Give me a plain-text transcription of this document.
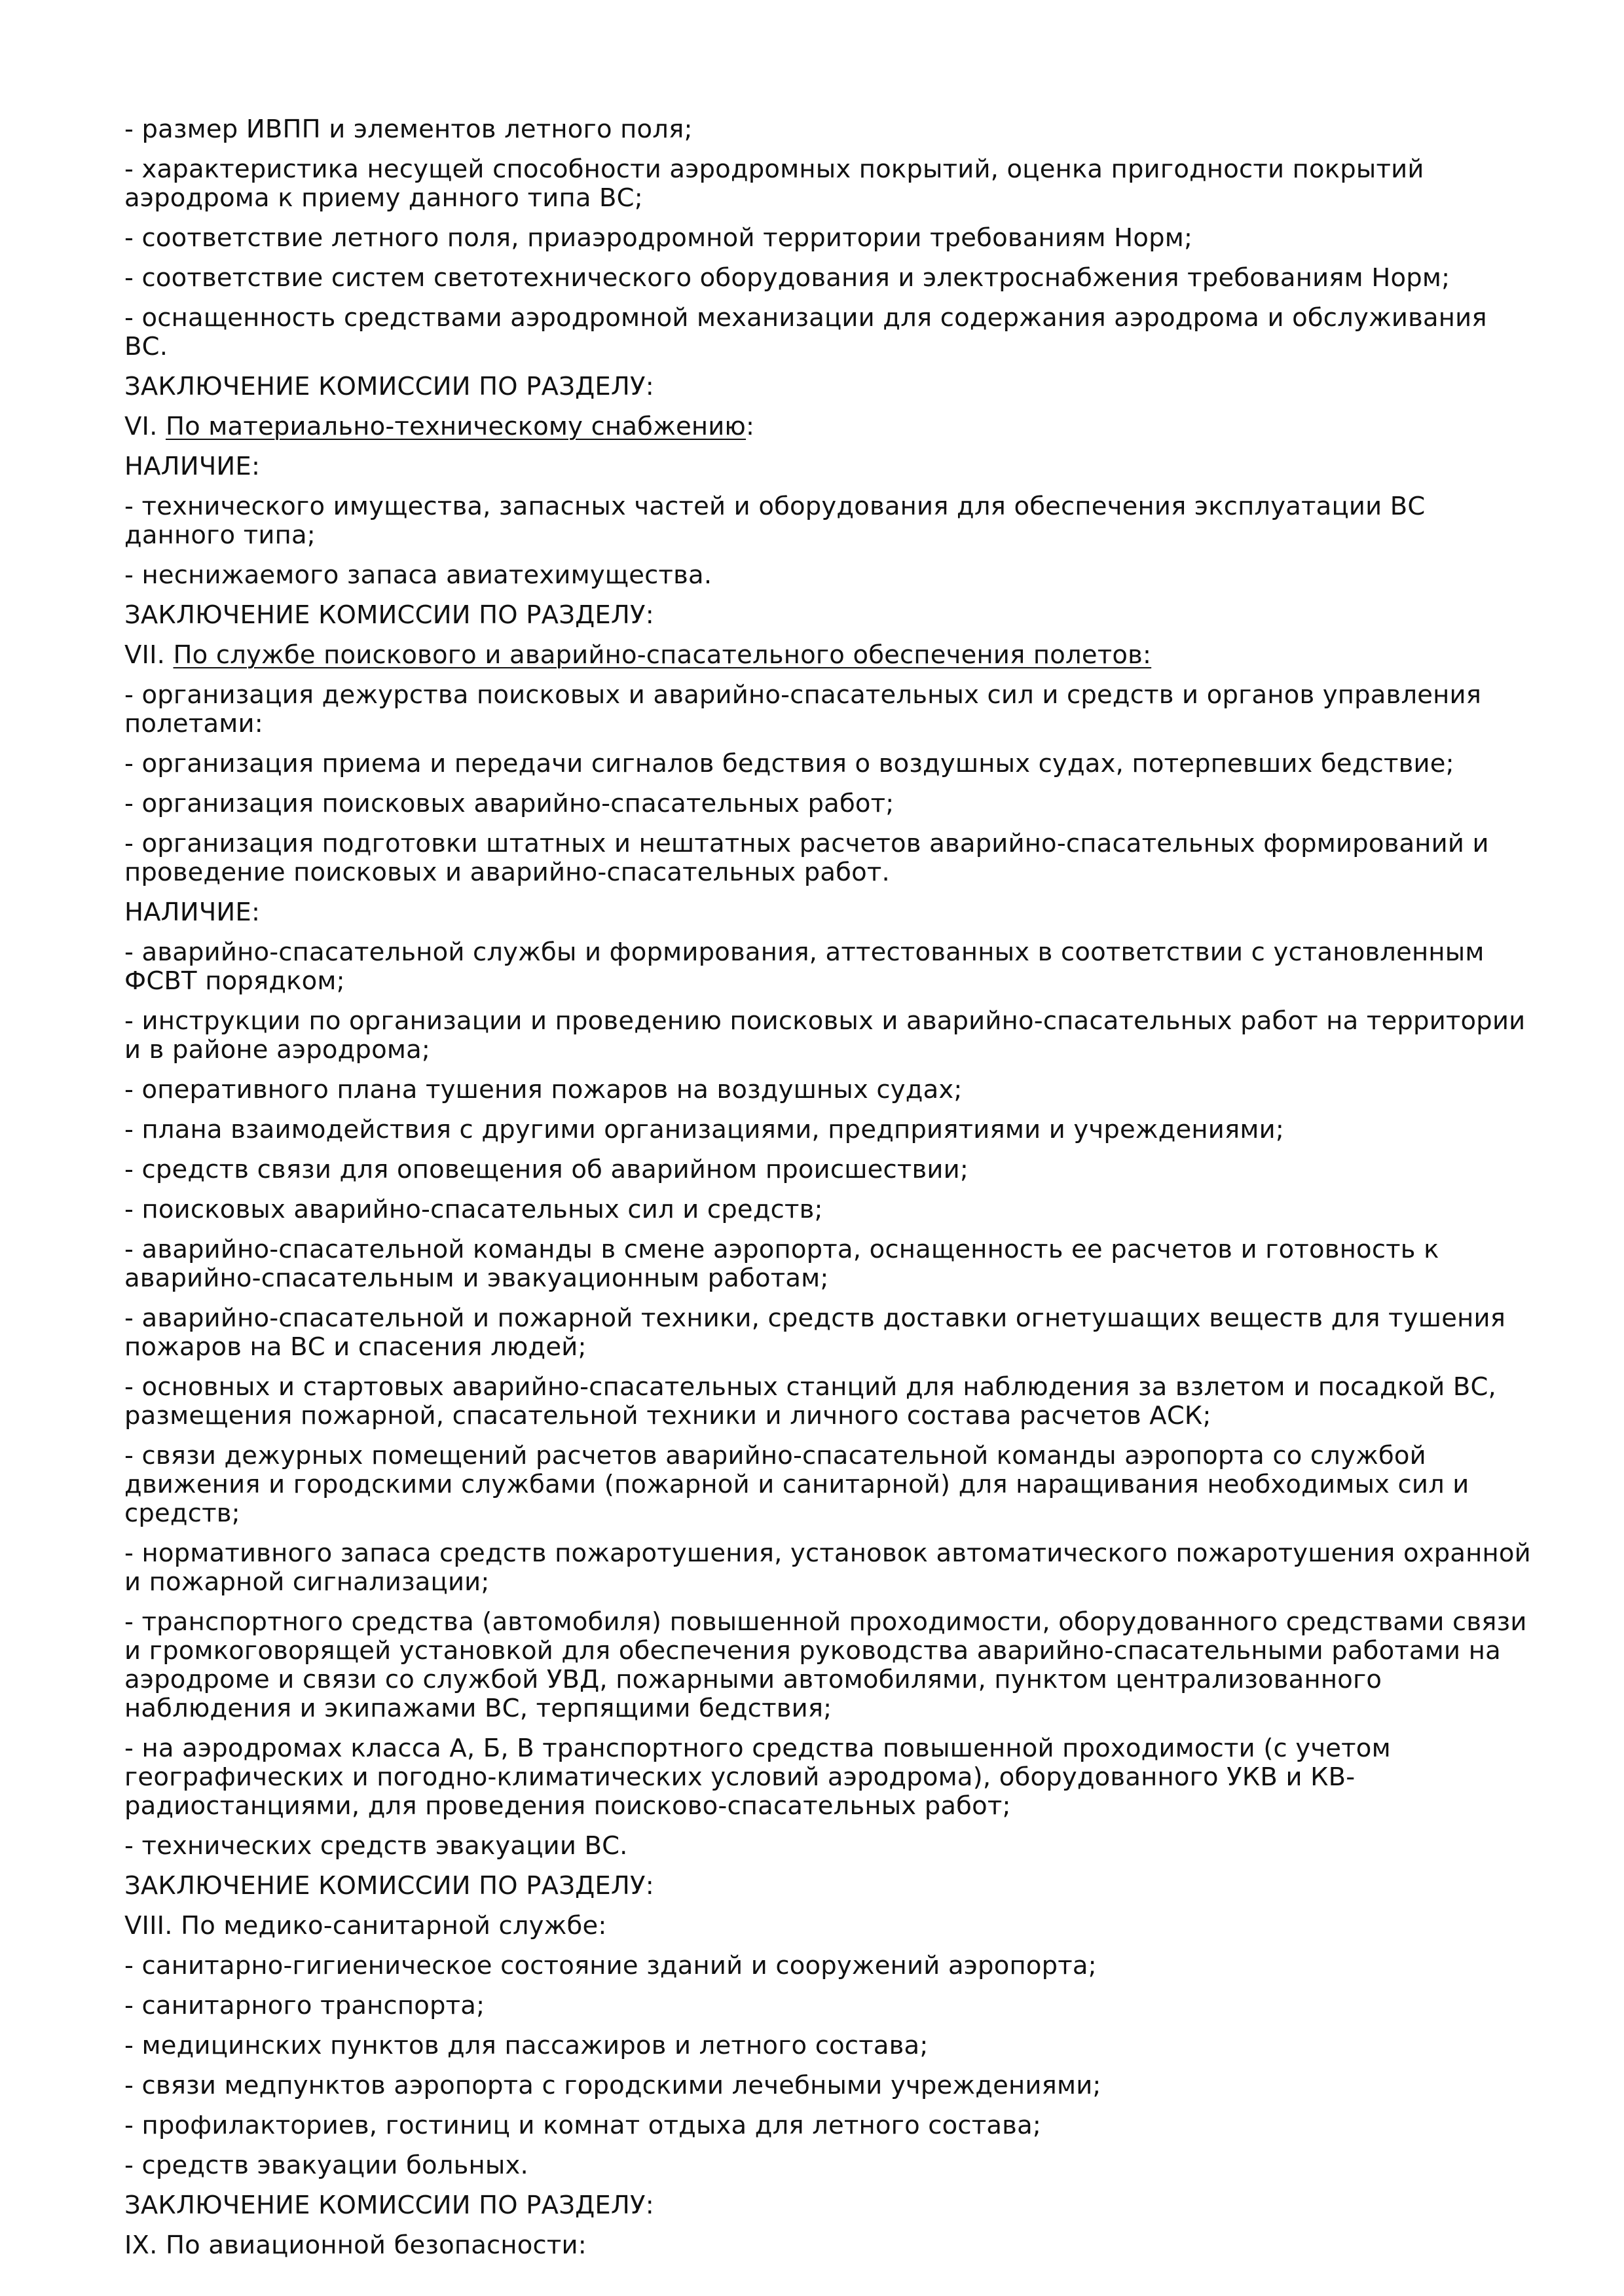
- размер ИВПП и элементов летного поля;
- характеристика несущей способности аэродромных покрытий, оценка пригодности покрытий аэродрома к приему данного типа ВС;
- соответствие летного поля, приаэродромной территории требованиям Норм;
- соответствие систем светотехнического оборудования и электроснабжения требованиям Норм;
- оснащенность средствами аэродромной механизации для содержания аэродрома и обслуживания ВС.
ЗАКЛЮЧЕНИЕ КОМИССИИ ПО РАЗДЕЛУ:
VI. По материально-техническому снабжению:
НАЛИЧИЕ:
- технического имущества, запасных частей и оборудования для обеспечения эксплуатации ВС данного типа;
- неснижаемого запаса авиатехимущества.
ЗАКЛЮЧЕНИЕ КОМИССИИ ПО РАЗДЕЛУ:
VII. По службе поискового и аварийно-спасательного обеспечения полетов:
- организация дежурства поисковых и аварийно-спасательных сил и средств и органов управления полетами:
- организация приема и передачи сигналов бедствия о воздушных судах, потерпевших бедствие;
- организация поисковых аварийно-спасательных работ;
- организация подготовки штатных и нештатных расчетов аварийно-спасательных формирований и проведение поисковых и аварийно-спасательных работ.
НАЛИЧИЕ:
- аварийно-спасательной службы и формирования, аттестованных в соответствии с установленным ФСВТ порядком;
- инструкции по организации и проведению поисковых и аварийно-спасательных работ на территории и в районе аэродрома;
- оперативного плана тушения пожаров на воздушных судах;
- плана взаимодействия с другими организациями, предприятиями и учреждениями;
- средств связи для оповещения об аварийном происшествии;
- поисковых аварийно-спасательных сил и средств;
- аварийно-спасательной команды в смене аэропорта, оснащенность ее расчетов и готовность к аварийно-спасательным и эвакуационным работам;
- аварийно-спасательной и пожарной техники, средств доставки огнетушащих веществ для тушения пожаров на ВС и спасения людей;
- основных и стартовых аварийно-спасательных станций для наблюдения за взлетом и посадкой ВС, размещения пожарной, спасательной техники и личного состава расчетов АСК;
- связи дежурных помещений расчетов аварийно-спасательной команды аэропорта со службой движения и городскими службами (пожарной и санитарной) для наращивания необходимых сил и средств;
- нормативного запаса средств пожаротушения, установок автоматического пожаротушения охранной и пожарной сигнализации;
- транспортного средства (автомобиля) повышенной проходимости, оборудованного средствами связи и громкоговорящей установкой для обеспечения руководства аварийно-спасательными работами на аэродроме и связи со службой УВД, пожарными автомобилями, пунктом централизованного наблюдения и экипажами ВС, терпящими бедствия;
- на аэродромах класса А, Б, В транспортного средства повышенной проходимости (с учетом географических и погодно-климатических условий аэродрома), оборудованного УКВ и КВ-радиостанциями, для проведения поисково-спасательных работ;
- технических средств эвакуации ВС.
ЗАКЛЮЧЕНИЕ КОМИССИИ ПО РАЗДЕЛУ:
VIII. По медико-санитарной службе:
- санитарно-гигиеническое состояние зданий и сооружений аэропорта;
- санитарного транспорта;
- медицинских пунктов для пассажиров и летного состава;
- связи медпунктов аэропорта с городскими лечебными учреждениями;
- профилакториев, гостиниц и комнат отдыха для летного состава;
- средств эвакуации больных.
ЗАКЛЮЧЕНИЕ КОМИССИИ ПО РАЗДЕЛУ:
IX. По авиационной безопасности:
